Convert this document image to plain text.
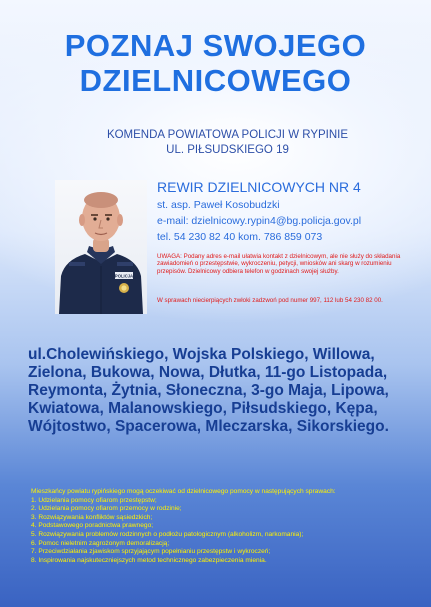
POZNAJ SWOJEGO
DZIELNICOWEGO
KOMENDA POWIATOWA POLICJI W RYPINIE
UL. PIŁSUDSKIEGO 19
POLICJA
REWIR DZIELNICOWYCH NR 4
st. asp. Paweł Kosobudzki
e-mail: dzielnicowy.rypin4@bg.policja.gov.pl
tel. 54 230 82 40 kom. 786 859 073
UWAGA: Podany adres e-mail ułatwia kontakt z dzielnicowym, ale nie służy do składania zawiadomień o przestępstwie, wykroczeniu, petycji, wniosków ani skarg w rozumieniu przepisów. Dzielnicowy odbiera telefon w godzinach swojej służby.
W sprawach niecierpiących zwłoki zadzwoń pod numer 997, 112 lub 54 230 82 00.
ul.Cholewińskiego, Wojska Polskiego, Willowa, Zielona, Bukowa, Nowa, Dłutka, 11-go Listopada, Reymonta, Żytnia, Słoneczna, 3-go Maja, Lipowa, Kwiatowa, Malanowskiego, Piłsudskiego, Kępa, Wójtostwo, Spacerowa, Mleczarska, Sikorskiego.
Mieszkańcy powiatu rypińskiego mogą oczekiwać od dzielnicowego pomocy w następujących sprawach:
1. Udzielania pomocy ofiarom przestępstw;
2. Udzielania pomocy ofiarom przemocy w rodzinie;
3. Rozwiązywania konfliktów sąsiedzkich;
4. Podstawowego poradnictwa prawnego;
5. Rozwiązywania problemów rodzinnych o podłożu patologicznym (alkoholizm, narkomania);
6. Pomoc nieletnim zagrożonym demoralizacją;
7. Przeciwdziałania zjawiskom sprzyjającym popełnianiu przestępstw i wykroczeń;
8. Inspirowania najskuteczniejszych metod technicznego zabezpieczenia mienia.
